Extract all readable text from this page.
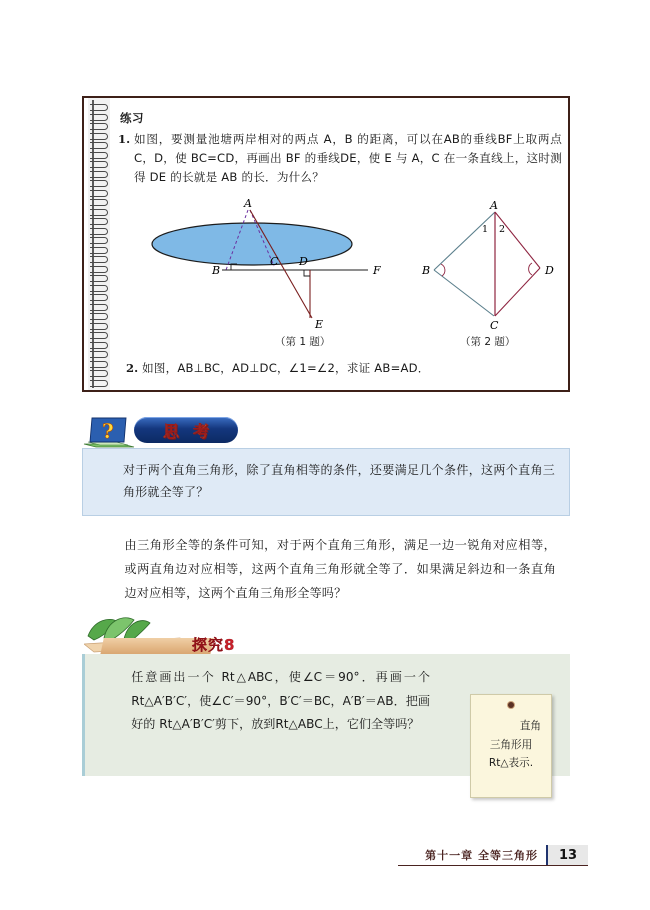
练习
1. 如图，要测量池塘两岸相对的两点 A，B 的距离，可以在AB的垂线BF上取两点 C，D，使 BC=CD，再画出 BF 的垂线DE，使 E 与 A，C 在一条直线上，这时测得 DE 的长就是 AB 的长．为什么？
A
B
C D
E
F
（第 1 题）
A
B
C
D
1 2
（第 2 题）
2. 如图，AB⊥BC，AD⊥DC，∠1=∠2，求证 AB=AD．
?	思 考
对于两个直角三角形，除了直角相等的条件，还要满足几个条件，这两个直角三角形就全等了？
由三角形全等的条件可知，对于两个直角三角形，满足一边一锐角对应相等，或两直角边对应相等，这两个直角三角形就全等了．如果满足斜边和一条直角边对应相等，这两个直角三角形全等吗？
探究8
任意画出一个 Rt△ABC，使∠C＝90°．再画一个 Rt△A′B′C′，使∠C′＝90°，B′C′＝BC，A′B′＝AB．把画好的 Rt△A′B′C′剪下，放到Rt△ABC上，它们全等吗？	直角
三角形用
Rt△表示.
第十一章 全等三角形	13
